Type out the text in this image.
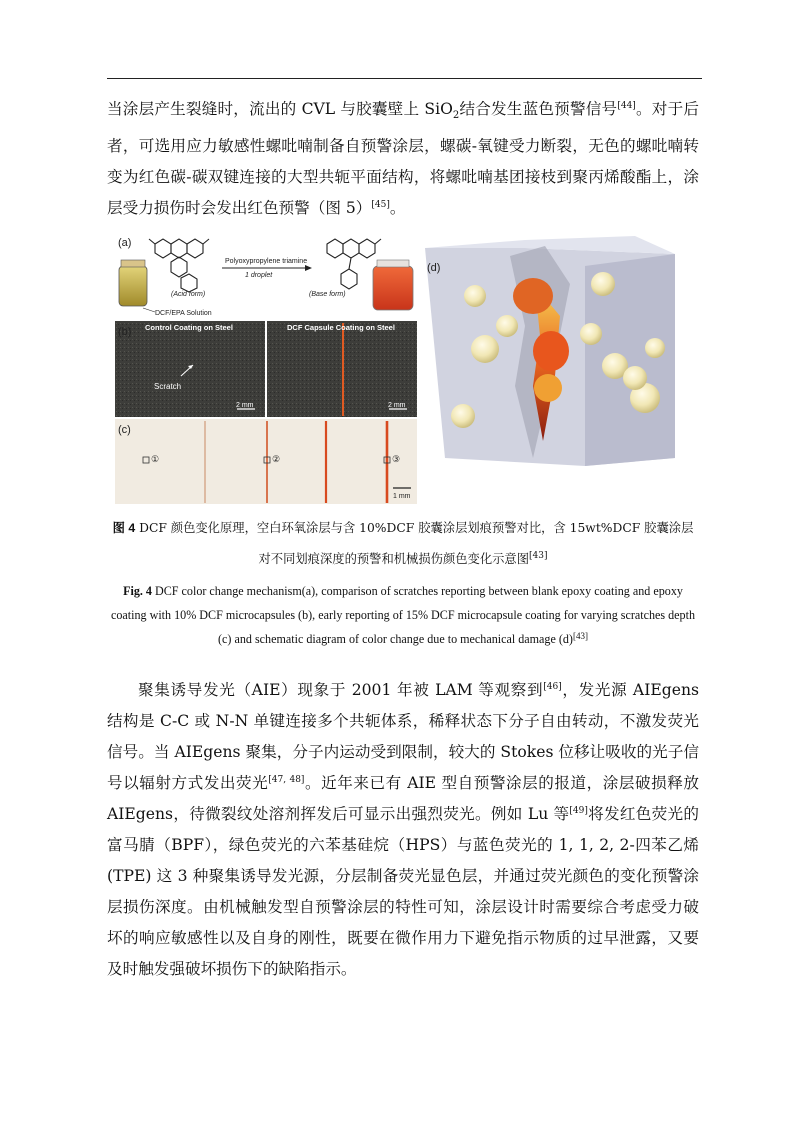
当涂层产生裂缝时，流出的 CVL 与胶囊壁上 SiO$_2$结合发生蓝色预警信号[44]。对于后者，可选用应力敏感性螺吡喃制备自预警涂层，螺碳-氧键受力断裂，无色的螺吡喃转变为红色碳-碳双键连接的大型共轭平面结构，将螺吡喃基团接枝到聚丙烯酸酯上，涂层受力损伤时会发出红色预警（图 5）[45]。

(Acid form)	(Base form)
Polyoxypropylene triamine
1 droplet
DCF/EPA Solution
(a)
Scratch
Control Coating on Steel	DCF Capsule Coating on Steel
2 mm	2 mm
(b)
①	②	③
1 mm
(c)
(d)

图 4 DCF 颜色变化原理，空白环氧涂层与含 10%DCF 胶囊涂层划痕预警对比，含 15wt%DCF 胶囊涂层对不同划痕深度的预警和机械损伤颜色变化示意图[43]

Fig. 4 DCF color change mechanism(a), comparison of scratches reporting between blank epoxy coating and epoxy coating with 10% DCF microcapsules (b), early reporting of 15% DCF microcapsule coating for varying scratches depth (c) and schematic diagram of color change due to mechanical damage (d)[43]

聚集诱导发光（AIE）现象于 2001 年被 LAM 等观察到[46]，发光源 AIEgens 结构是 C-C 或 N-N 单键连接多个共轭体系，稀释状态下分子自由转动，不激发荧光信号。当 AIEgens 聚集，分子内运动受到限制，较大的 Stokes 位移让吸收的光子信号以辐射方式发出荧光[47, 48]。近年来已有 AIE 型自预警涂层的报道，涂层破损释放 AIEgens，待微裂纹处溶剂挥发后可显示出强烈荧光。例如 Lu 等[49]将发红色荧光的富马腈（BPF），绿色荧光的六苯基硅烷（HPS）与蓝色荧光的 1, 1, 2, 2-四苯乙烯 (TPE) 这 3 种聚集诱导发光源，分层制备荧光显色层，并通过荧光颜色的变化预警涂层损伤深度。由机械触发型自预警涂层的特性可知，涂层设计时需要综合考虑受力破坏的响应敏感性以及自身的刚性，既要在微作用力下避免指示物质的过早泄露，又要及时触发强破坏损伤下的缺陷指示。
